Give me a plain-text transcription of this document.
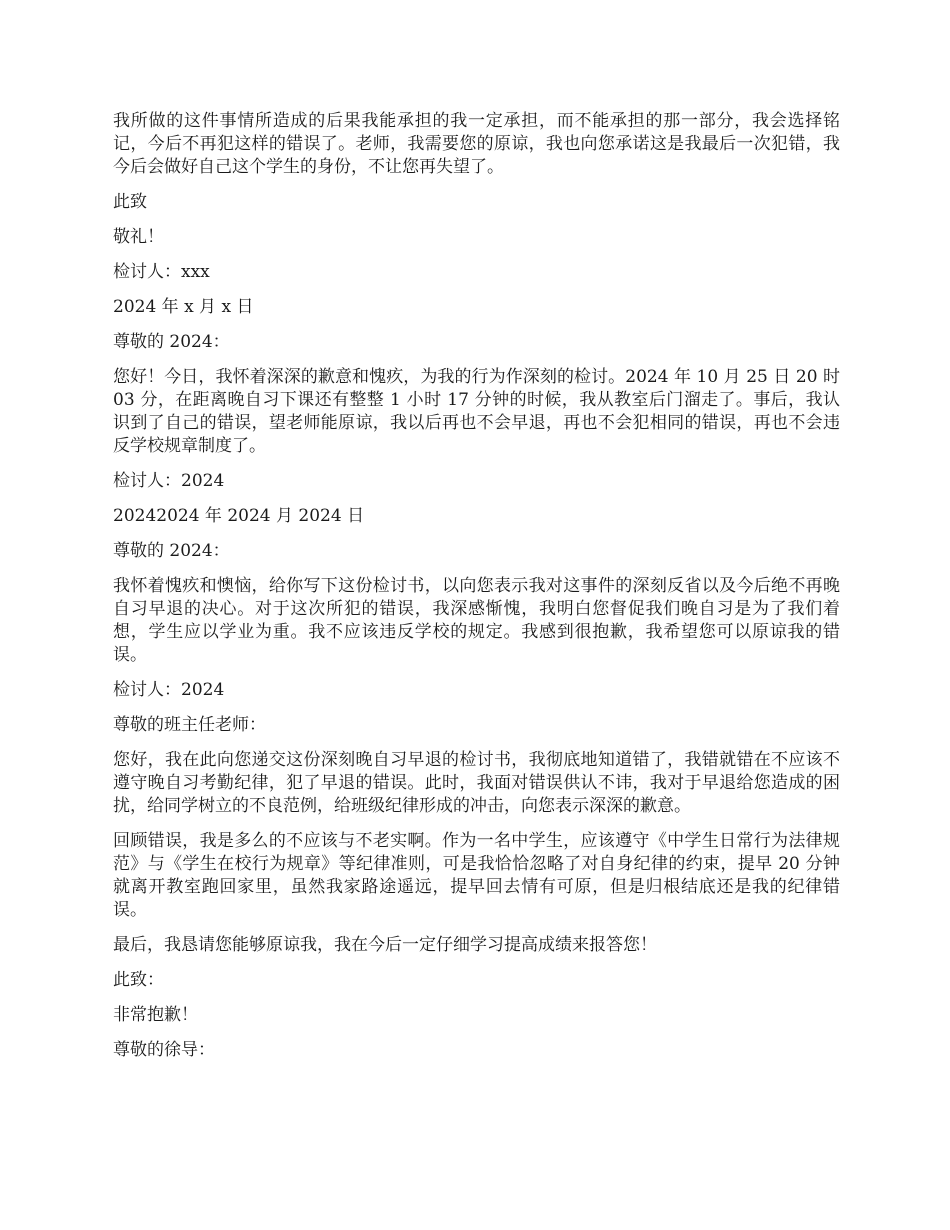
我所做的这件事情所造成的后果我能承担的我一定承担，而不能承担的那一部分，我会选择铭记，今后不再犯这样的错误了。老师，我需要您的原谅，我也向您承诺这是我最后一次犯错，我今后会做好自己这个学生的身份，不让您再失望了。

此致

敬礼！

检讨人：xxx

2024 年 x 月 x 日

尊敬的 2024：

您好！今日，我怀着深深的歉意和愧疚，为我的行为作深刻的检讨。2024 年 10 月 25 日 20 时 03 分，在距离晚自习下课还有整整 1 小时 17 分钟的时候，我从教室后门溜走了。事后，我认识到了自己的错误，望老师能原谅，我以后再也不会早退，再也不会犯相同的错误，再也不会违反学校规章制度了。

检讨人：2024

20242024 年 2024 月 2024 日

尊敬的 2024：

我怀着愧疚和懊恼，给你写下这份检讨书，以向您表示我对这事件的深刻反省以及今后绝不再晚自习早退的决心。对于这次所犯的错误，我深感惭愧，我明白您督促我们晚自习是为了我们着想，学生应以学业为重。我不应该违反学校的规定。我感到很抱歉，我希望您可以原谅我的错误。

检讨人：2024

尊敬的班主任老师：

您好，我在此向您递交这份深刻晚自习早退的检讨书，我彻底地知道错了，我错就错在不应该不遵守晚自习考勤纪律，犯了早退的错误。此时，我面对错误供认不讳，我对于早退给您造成的困扰，给同学树立的不良范例，给班级纪律形成的冲击，向您表示深深的歉意。

回顾错误，我是多么的不应该与不老实啊。作为一名中学生，应该遵守《中学生日常行为法律规范》与《学生在校行为规章》等纪律准则，可是我恰恰忽略了对自身纪律的约束，提早 20 分钟就离开教室跑回家里，虽然我家路途遥远，提早回去情有可原，但是归根结底还是我的纪律错误。

最后，我恳请您能够原谅我，我在今后一定仔细学习提高成绩来报答您！

此致：

非常抱歉！

尊敬的徐导：
